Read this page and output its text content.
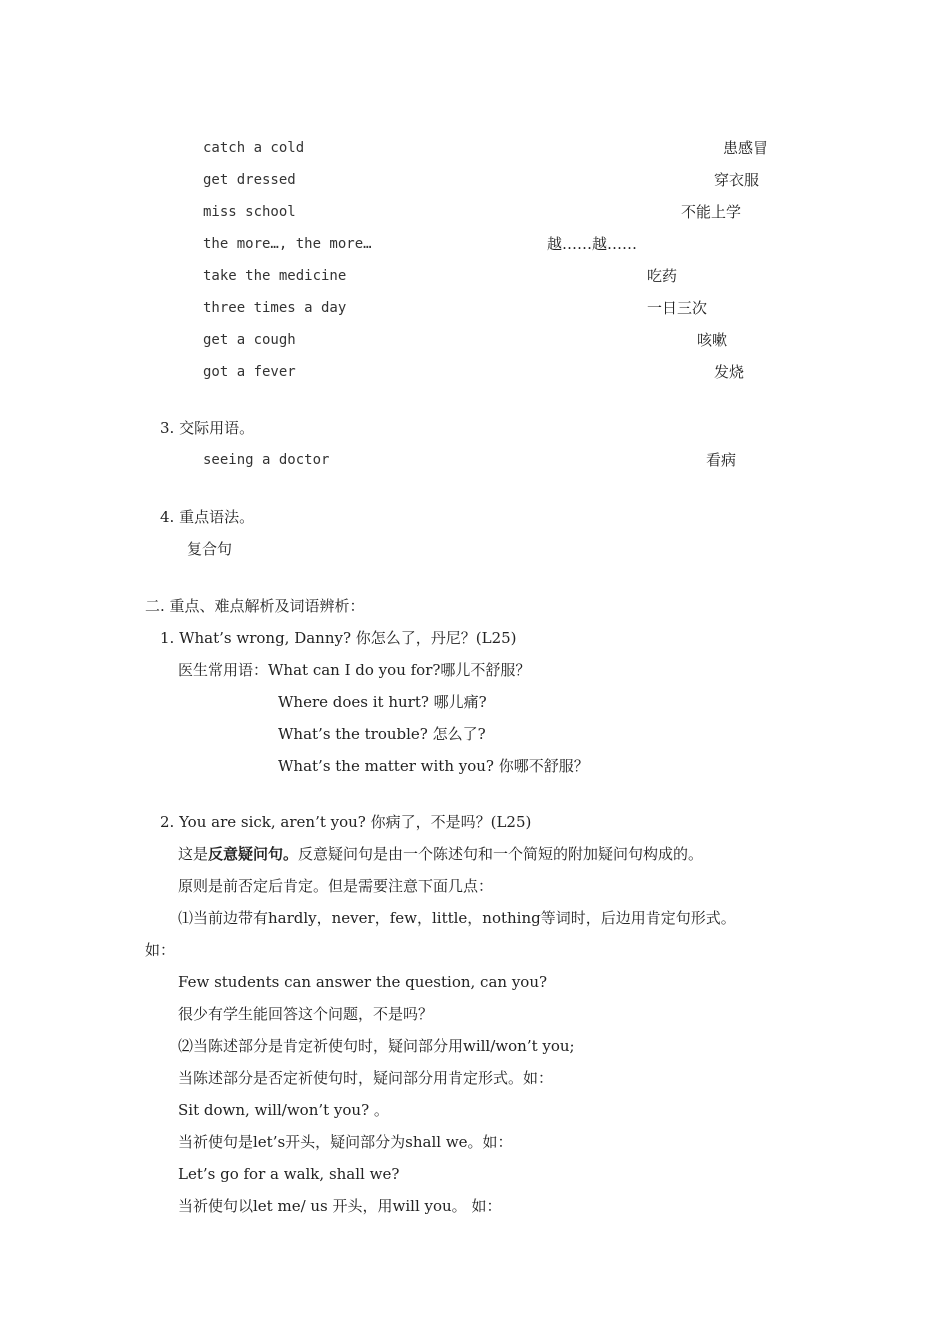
catch a cold	患感冒
get dressed	穿衣服
miss school	不能上学
the more…, the more…	越……越……
take the medicine	吃药
three times a day	一日三次
get a cough	咳嗽
got a fever	发烧
3. 交际用语。
seeing a doctor	看病
4. 重点语法。
复合句
二. 重点、难点解析及词语辨析：
1. What’s wrong, Danny? 你怎么了，丹尼？(L25)
医生常用语：What can I do you for?哪儿不舒服？
Where does it hurt? 哪儿痛?
What’s the trouble? 怎么了?
What’s the matter with you? 你哪不舒服？
2. You are sick, aren’t you? 你病了，不是吗？(L25)
这是反意疑问句。反意疑问句是由一个陈述句和一个简短的附加疑问句构成的。
原则是前否定后肯定。但是需要注意下面几点：
⑴当前边带有hardly，never，few，little，nothing等词时，后边用肯定句形式。
如：
Few students can answer the question, can you?
很少有学生能回答这个问题，不是吗？
⑵当陈述部分是肯定祈使句时，疑问部分用will/won’t you;
当陈述部分是否定祈使句时，疑问部分用肯定形式。如：
Sit down, will/won’t you? 。
当祈使句是let’s开头，疑问部分为shall we。如：
Let’s go for a walk, shall we?
当祈使句以let me/ us 开头，用will you。 如：
